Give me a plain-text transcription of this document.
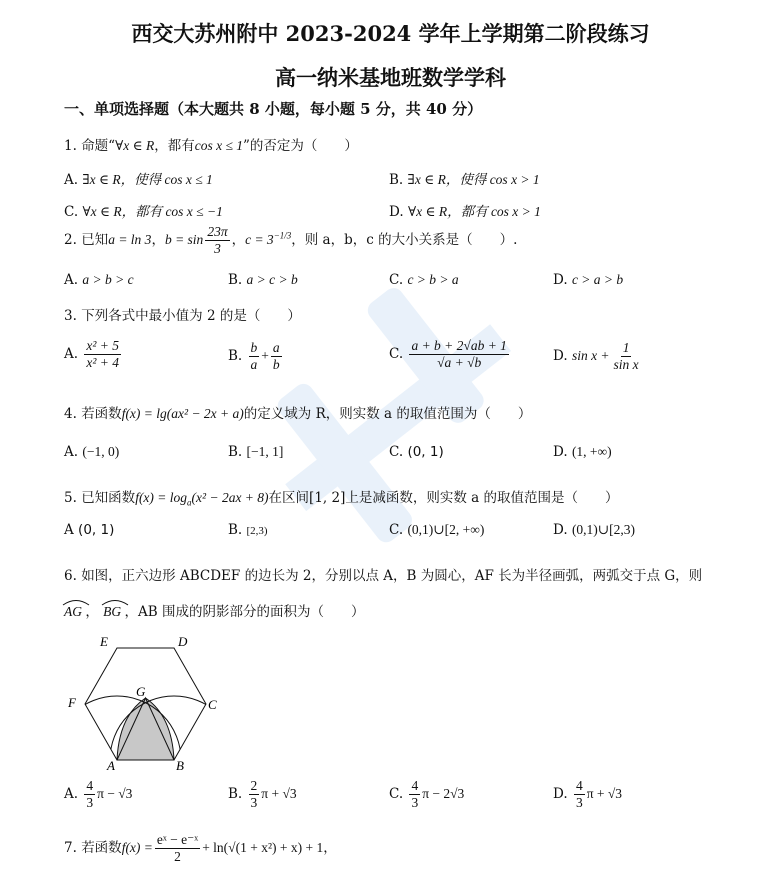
西交大苏州附中 2023-2024 学年上学期第二阶段练习
高一纳米基地班数学学科
一、单项选择题（本大题共 8 小题，每小题 5 分，共 40 分）
1. 命题“∀x ∈ R，都有cos x ≤ 1”的否定为（　　）
A. ∃x ∈ R，使得 cos x ≤ 1	B. ∃x ∈ R，使得 cos x > 1
C. ∀x ∈ R，都有 cos x ≤ −1	D. ∀x ∈ R，都有 cos x > 1
2. 已知a = ln 3，$b = \sin \frac{23\pi}{3}$ ，$c = 3^{-1/3}$，则 a，b，c 的大小关系是（　　）.
A. a > b > c	B. a > c > b	C. c > b > a	D. c > a > b
3. 下列各式中最小值为 2 的是（　　）
A. $\frac{\text{x² + 5}}{\text{x² + 4}}$	B. $\frac{b}{a} + \frac{a}{b}$	C. $\frac{a + b + 2√ab + 1}{√a + √b}$	D. $\sin x + \frac{1}{\text{sin x}}$
4. 若函数f(x) = lg(ax² − 2x + a)的定义域为 R，则实数 a 的取值范围为（　　）
A. (−1, 0)	B. [−1, 1]	C. (0, 1)	D. (1, +∞)
5. 已知函数$f(x) = \log_a(x^2 - 2ax + 8)$在区间[1, 2]上是减函数，则实数 a 的取值范围是（　　）
A (0, 1)	B. [2,3)	C. (0,1)∪[2, +∞)	D. (0,1)∪[2,3)
6. 如图，正六边形 ABCDEF 的边长为 2，分别以点 A，B 为圆心，AF 长为半径画弧，两弧交于点 G，则
AG ， BG ，AB 围成的阴影部分的面积为（　　）
E	D
F
G
C
A	B
A. $\frac{4}{3}$ π − √3	B. $\frac{2}{3}$ π + √3	C. $\frac{4}{3}$ π − 2√3	D. $\frac{4}{3}$ π + √3
7. 若函数$f(x) = \frac{\text{eˣ − e⁻ˣ}}{2} + \ln(√(1 + x^2) + x) + 1$，
